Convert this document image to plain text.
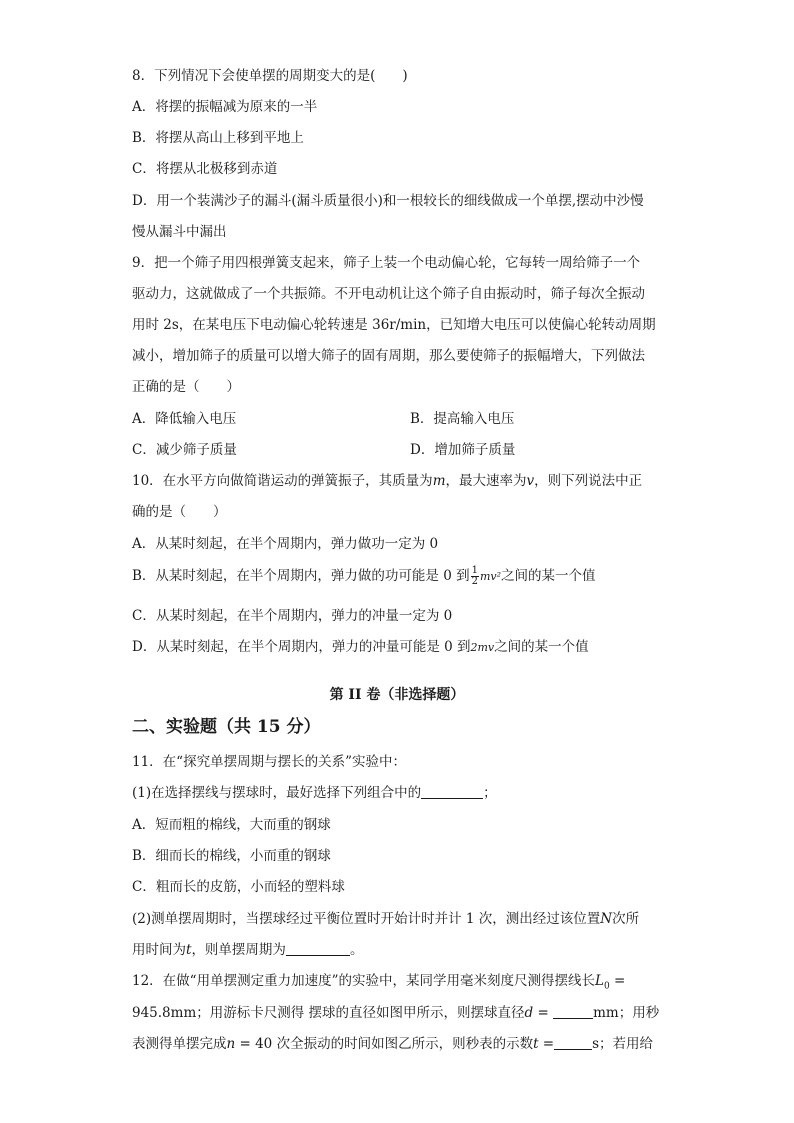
8．下列情况下会使单摆的周期变大的是(　　)
A．将摆的振幅减为原来的一半
B．将摆从高山上移到平地上
C．将摆从北极移到赤道
D．用一个装满沙子的漏斗(漏斗质量很小)和一根较长的细线做成一个单摆,摆动中沙慢
慢从漏斗中漏出
9．把一个筛子用四根弹簧支起来，筛子上装一个电动偏心轮，它每转一周给筛子一个
驱动力，这就做成了一个共振筛。不开电动机让这个筛子自由振动时，筛子每次全振动
用时 2s，在某电压下电动偏心轮转速是 36r/min，已知增大电压可以使偏心轮转动周期
减小，增加筛子的质量可以增大筛子的固有周期，那么要使筛子的振幅增大，下列做法
正确的是（　　）
A．降低输入电压	B．提高输入电压
C．减少筛子质量	D．增加筛子质量
10．在水平方向做简谐运动的弹簧振子，其质量为m，最大速率为v，则下列说法中正
确的是（　　）
A．从某时刻起，在半个周期内，弹力做功一定为 0
B．从某时刻起，在半个周期内，弹力做的功可能是 0 到 $\frac{1}{2} mv^2$之间的某一个值
C．从某时刻起，在半个周期内，弹力的冲量一定为 0
D．从某时刻起，在半个周期内，弹力的冲量可能是 0 到2mv之间的某一个值
第 II 卷（非选择题）
二、实验题（共 15 分）
11．在“探究单摆周期与摆长的关系”实验中：
(1)在选择摆线与摆球时，最好选择下列组合中的	；
A．短而粗的棉线，大而重的钢球
B．细而长的棉线，小而重的钢球
C．粗而长的皮筋，小而轻的塑料球
(2)测单摆周期时，当摆球经过平衡位置时开始计时并计 1 次，测出经过该位置N次所
用时间为t，则单摆周期为	。
12．在做“用单摆测定重力加速度”的实验中，某同学用毫米刻度尺测得摆线长$L_0$ =
945.8mm；用游标卡尺测得 摆球的直径如图甲所示，则摆球直径d =	mm；用秒
表测得单摆完成n = 40 次全振动的时间如图乙所示，则秒表的示数t =	s；若用给
